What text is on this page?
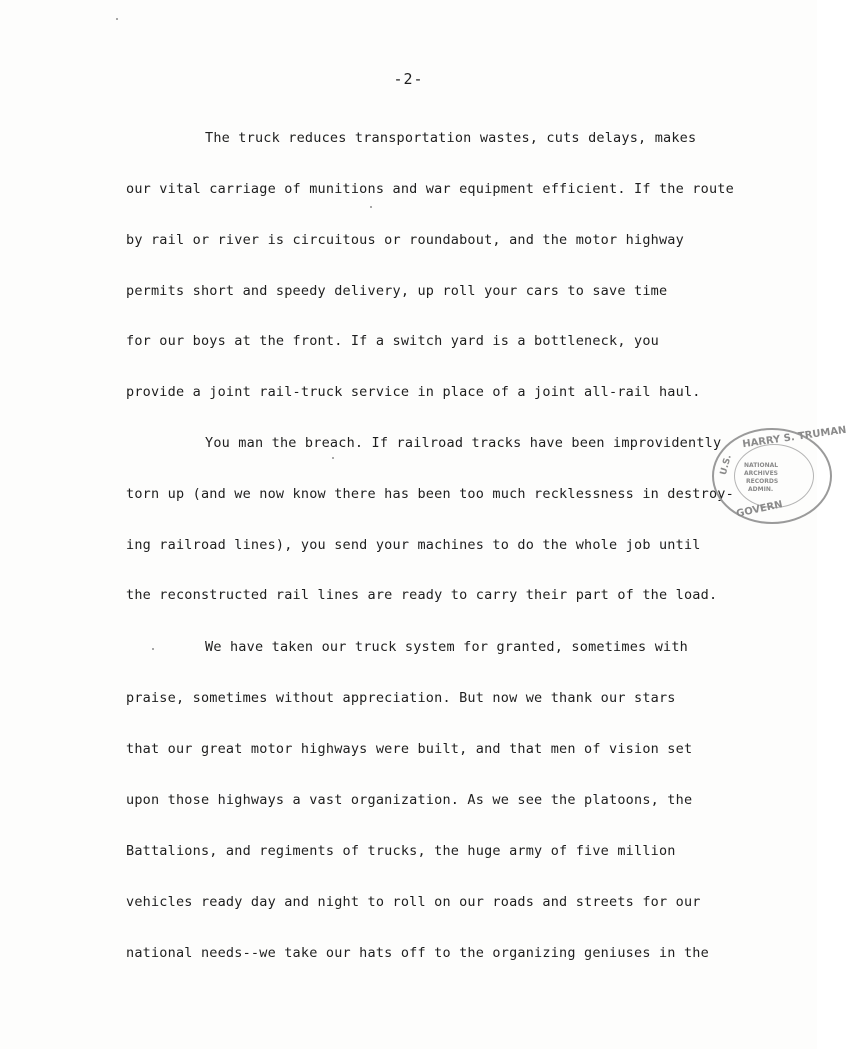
-2-
The truck reduces transportation wastes, cuts delays, makes
our vital carriage of munitions and war equipment efficient. If the route
by rail or river is circuitous or roundabout, and the motor highway
permits short and speedy delivery, up roll your cars to save time
for our boys at the front. If a switch yard is a bottleneck, you
provide a joint rail-truck service in place of a joint all-rail haul.
You man the breach. If railroad tracks have been improvidently
torn up (and we now know there has been too much recklessness in destroy-
ing railroad lines), you send your machines to do the whole job until
the reconstructed rail lines are ready to carry their part of the load.
We have taken our truck system for granted, sometimes with
praise, sometimes without appreciation. But now we thank our stars
that our great motor highways were built, and that men of vision set
upon those highways a vast organization. As we see the platoons, the
Battalions, and regiments of trucks, the huge army of five million
vehicles ready day and night to roll on our roads and streets for our
national needs--we take our hats off to the organizing geniuses in the
HARRY S. TRUMAN
U.S.
GOVERN
NATIONAL
ARCHIVES
RECORDS
ADMIN.
